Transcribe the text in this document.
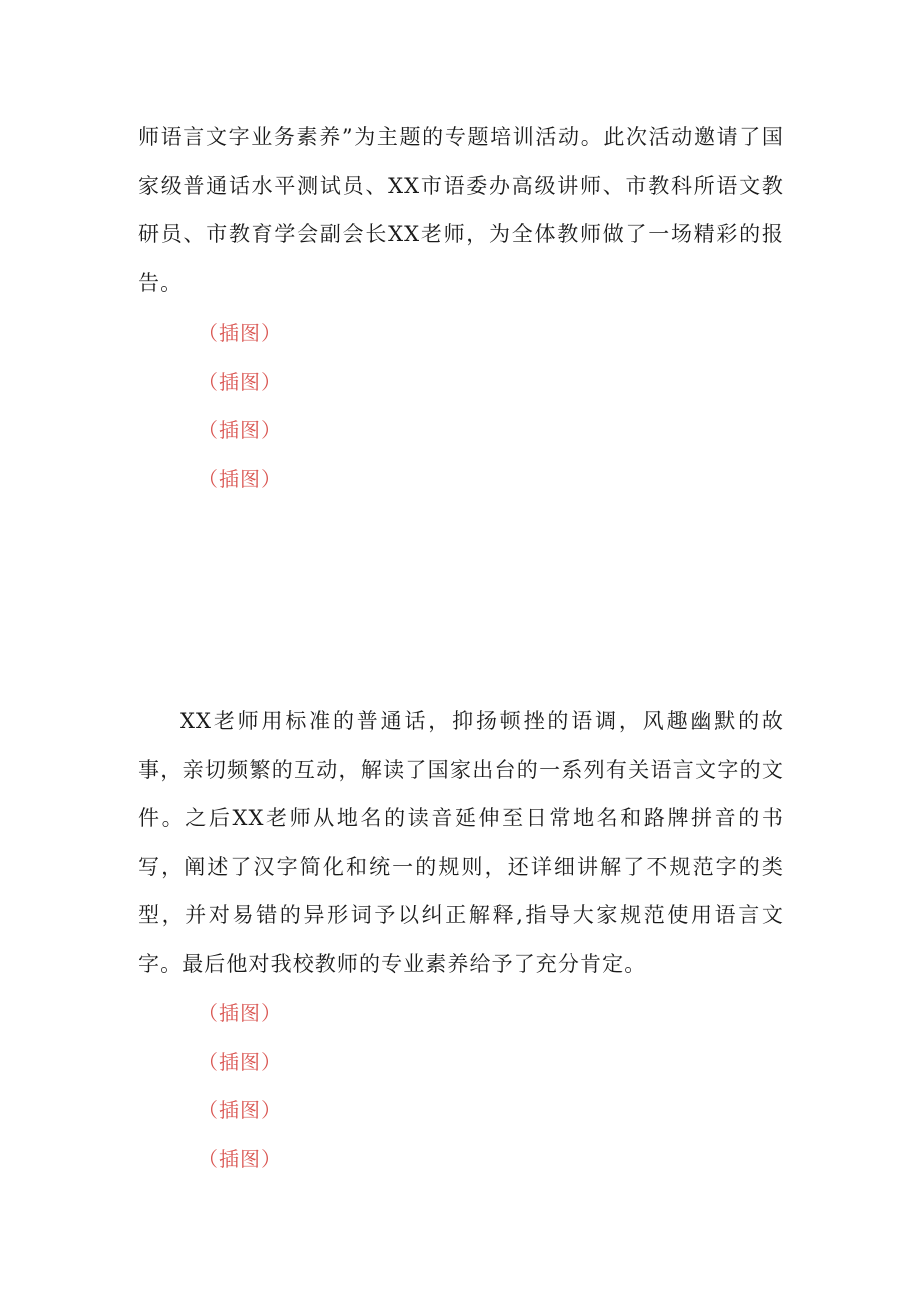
师语言文字业务素养”为主题的专题培训活动。此次活动邀请了国家级普通话水平测试员、XX市语委办高级讲师、市教科所语文教研员、市教育学会副会长XX老师，为全体教师做了一场精彩的报告。

（插图）
（插图）
（插图）
（插图）

XX老师用标准的普通话，抑扬顿挫的语调，风趣幽默的故事，亲切频繁的互动，解读了国家出台的一系列有关语言文字的文件。之后XX老师从地名的读音延伸至日常地名和路牌拼音的书写，阐述了汉字简化和统一的规则，还详细讲解了不规范字的类型，并对易错的异形词予以纠正解释,指导大家规范使用语言文字。最后他对我校教师的专业素养给予了充分肯定。

（插图）
（插图）
（插图）
（插图）
